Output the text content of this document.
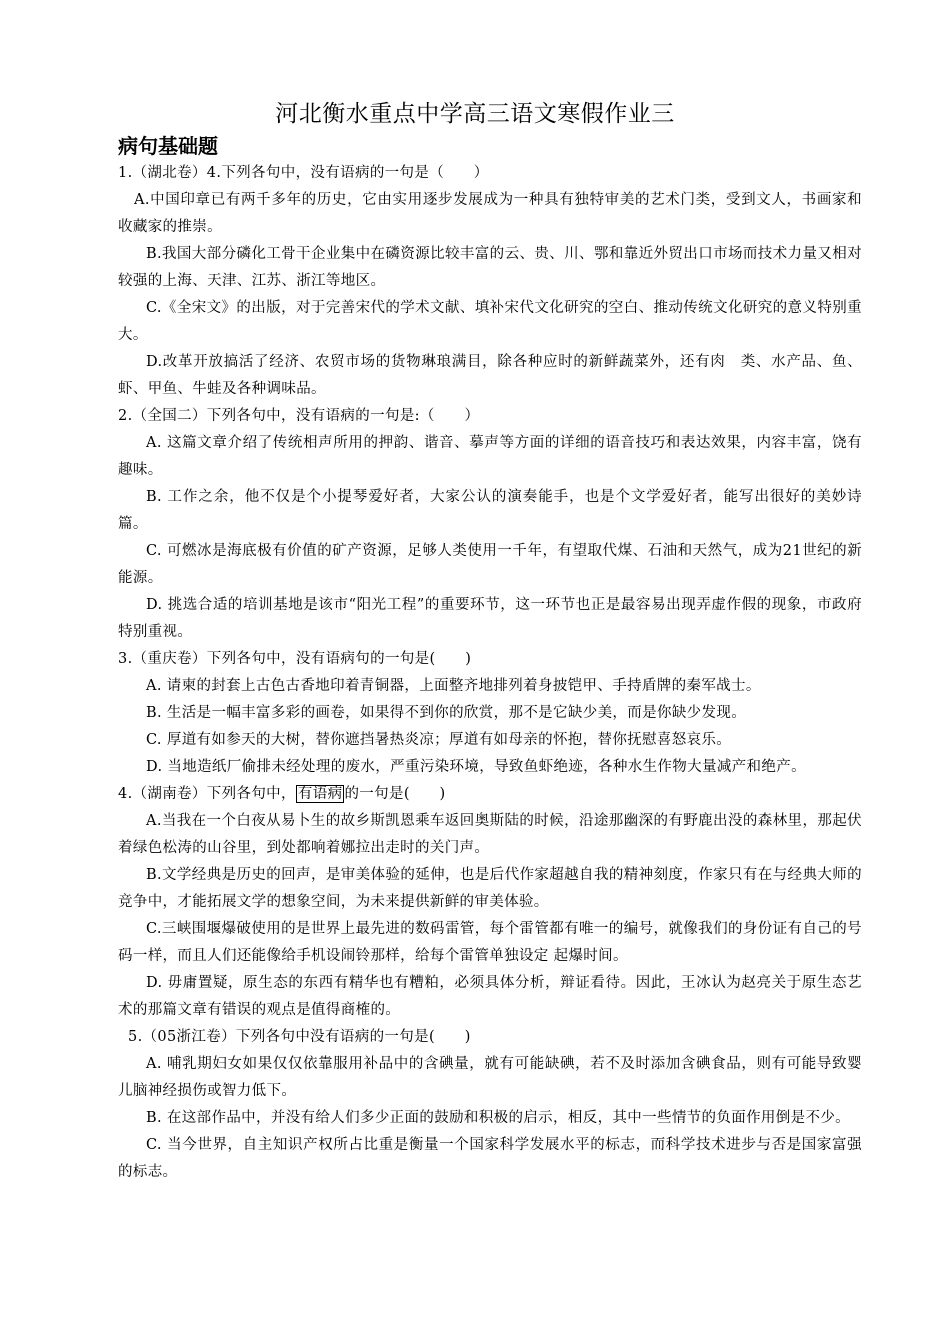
河北衡水重点中学高三语文寒假作业三
病句基础题

1.（湖北卷）4.下列各句中，没有语病的一句是（　　）

A.中国印章已有两千多年的历史，它由实用逐步发展成为一种具有独特审美的艺术门类，受到文人，书画家和收藏家的推崇。

B.我国大部分磷化工骨干企业集中在磷资源比较丰富的云、贵、川、鄂和靠近外贸出口市场而技术力量又相对较强的上海、天津、江苏、浙江等地区。

C.《全宋文》的出版，对于完善宋代的学术文献、填补宋代文化研究的空白、推动传统文化研究的意义特别重大。

D.改革开放搞活了经济、农贸市场的货物琳琅满目，除各种应时的新鲜蔬菜外，还有肉　类、水产品、鱼、虾、甲鱼、牛蛙及各种调味品。

2.（全国二）下列各句中，没有语病的一句是:（　　）

A. 这篇文章介绍了传统相声所用的押韵、谐音、摹声等方面的详细的语音技巧和表达效果，内容丰富，饶有趣味。

B. 工作之余，他不仅是个小提琴爱好者，大家公认的演奏能手，也是个文学爱好者，能写出很好的美妙诗篇。

C. 可燃冰是海底极有价值的矿产资源，足够人类使用一千年，有望取代煤、石油和天然气，成为21世纪的新能源。

D. 挑选合适的培训基地是该市“阳光工程”的重要环节，这一环节也正是最容易出现弄虚作假的现象，市政府特别重视。

3.（重庆卷）下列各句中，没有语病句的一句是(　　)

A. 请柬的封套上古色古香地印着青铜器，上面整齐地排列着身披铠甲、手持盾牌的秦军战士。

B. 生活是一幅丰富多彩的画卷，如果得不到你的欣赏，那不是它缺少美，而是你缺少发现。

C. 厚道有如参天的大树，替你遮挡暑热炎凉；厚道有如母亲的怀抱，替你抚慰喜怒哀乐。

D. 当地造纸厂偷排未经处理的废水，严重污染环境，导致鱼虾绝迹，各种水生作物大量减产和绝产。

4.（湖南卷）下列各句中， 有语病 的一句是(　　)

A.当我在一个白夜从易卜生的故乡斯凯恩乘车返回奥斯陆的时候，沿途那幽深的有野鹿出没的森林里，那起伏着绿色松涛的山谷里，到处都响着娜拉出走时的关门声。

B.文学经典是历史的回声，是审美体验的延伸，也是后代作家超越自我的精神刻度，作家只有在与经典大师的竞争中，才能拓展文学的想象空间，为未来提供新鲜的审美体验。

C.三峡围堰爆破使用的是世界上最先进的数码雷管，每个雷管都有唯一的编号，就像我们的身份证有自己的号码一样，而且人们还能像给手机设闹铃那样，给每个雷管单独设定 起爆时间。

D. 毋庸置疑，原生态的东西有精华也有糟粕，必须具体分析，辩证看待。因此，王冰认为赵亮关于原生态艺术的那篇文章有错误的观点是值得商榷的。

5.（05浙江卷）下列各句中没有语病的一句是(　　)

A. 哺乳期妇女如果仅仅依靠服用补品中的含碘量，就有可能缺碘，若不及时添加含碘食品，则有可能导致婴儿脑神经损伤或智力低下。

B. 在这部作品中，并没有给人们多少正面的鼓励和积极的启示，相反，其中一些情节的负面作用倒是不少。

C. 当今世界，自主知识产权所占比重是衡量一个国家科学发展水平的标志，而科学技术进步与否是国家富强的标志。
